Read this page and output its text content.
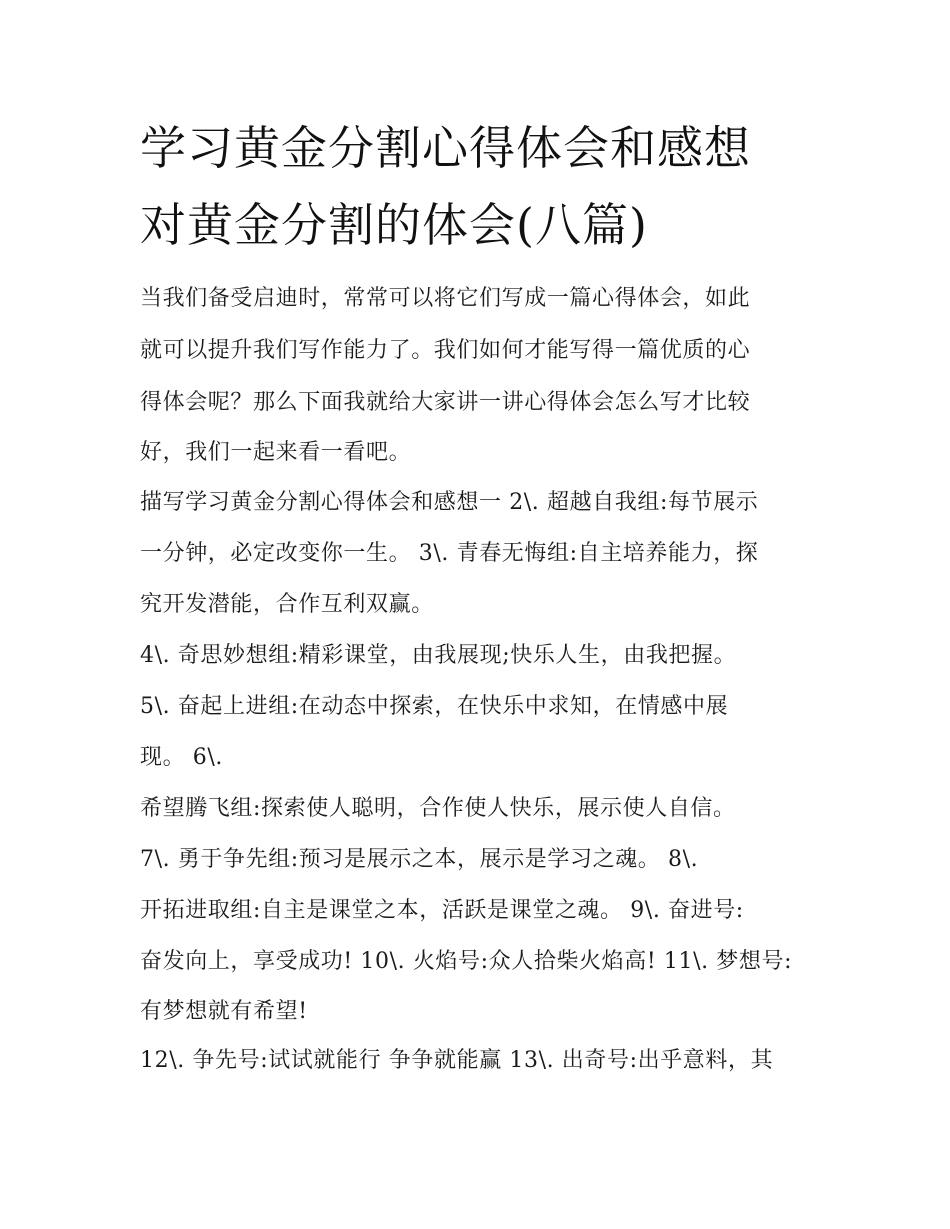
学习黄金分割心得体会和感想
对黄金分割的体会(八篇)
当我们备受启迪时，常常可以将它们写成一篇心得体会，如此
就可以提升我们写作能力了。我们如何才能写得一篇优质的心
得体会呢？那么下面我就给大家讲一讲心得体会怎么写才比较
好，我们一起来看一看吧。
描写学习黄金分割心得体会和感想一 2\. 超越自我组:每节展示
一分钟，必定改变你一生。 3\. 青春无悔组:自主培养能力，探
究开发潜能，合作互利双赢。
4\. 奇思妙想组:精彩课堂，由我展现;快乐人生，由我把握。
5\. 奋起上进组:在动态中探索，在快乐中求知，在情感中展
现。 6\.
希望腾飞组:探索使人聪明，合作使人快乐，展示使人自信。
7\. 勇于争先组:预习是展示之本，展示是学习之魂。 8\.
开拓进取组:自主是课堂之本，活跃是课堂之魂。 9\. 奋进号:
奋发向上，享受成功! 10\. 火焰号:众人拾柴火焰高! 11\. 梦想号:
有梦想就有希望!
12\. 争先号:试试就能行 争争就能赢 13\. 出奇号:出乎意料，其
